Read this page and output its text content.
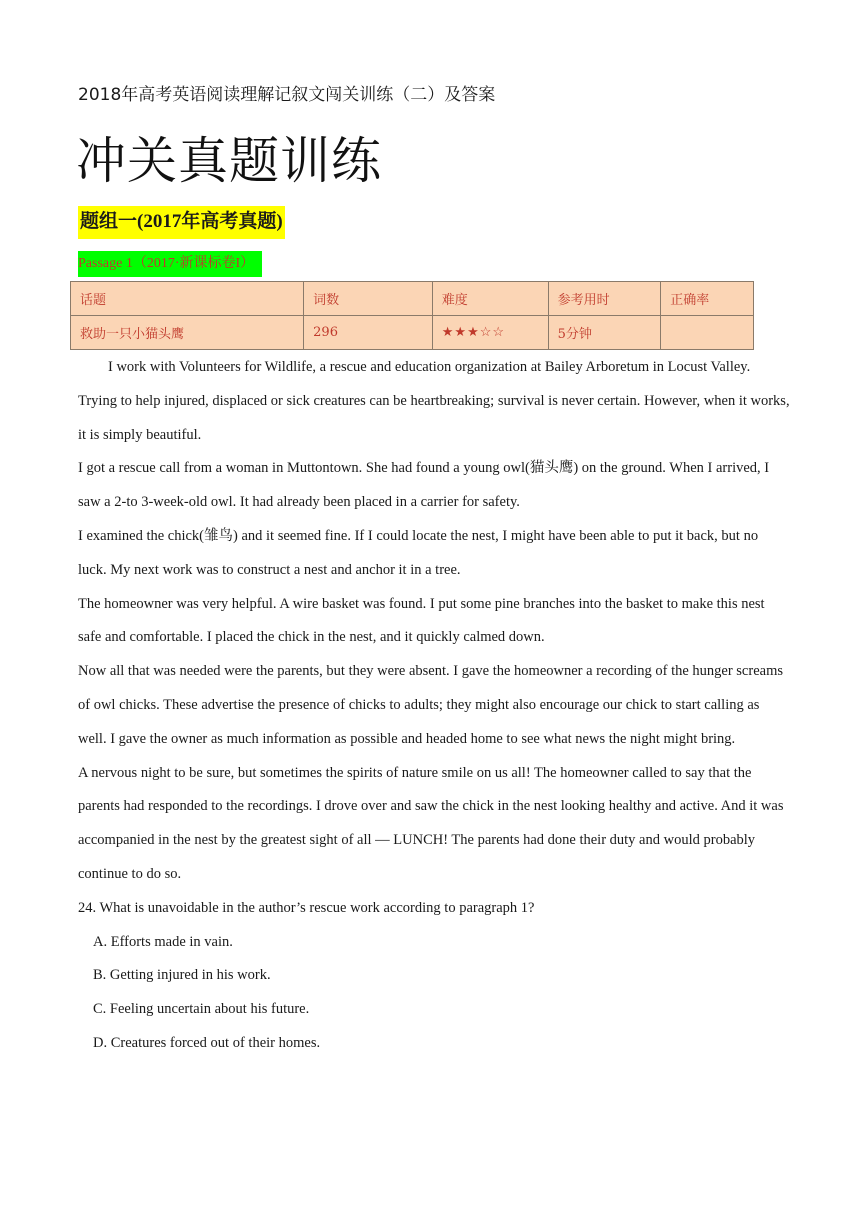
2018年高考英语阅读理解记叙文闯关训练（二）及答案
冲关真题训练
题组一(2017年高考真题)
Passage 1（2017·新课标卷I）
话题	词数	难度	参考用时	正确率
救助一只小猫头鹰	296	★★★☆☆	5分钟	

I work with Volunteers for Wildlife, a rescue and education organization at Bailey Arboretum in Locust Valley. Trying to help injured, displaced or sick creatures can be heartbreaking; survival is never certain. However, when it works, it is simply beautiful.

I got a rescue call from a woman in Muttontown. She had found a young owl(猫头鹰) on the ground. When I arrived, I saw a 2-to 3-week-old owl. It had already been placed in a carrier for safety.

I examined the chick(雏鸟) and it seemed fine. If I could locate the nest, I might have been able to put it back, but no luck. My next work was to construct a nest and anchor it in a tree.

The homeowner was very helpful. A wire basket was found. I put some pine branches into the basket to make this nest safe and comfortable. I placed the chick in the nest, and it quickly calmed down.

Now all that was needed were the parents, but they were absent. I gave the homeowner a recording of the hunger screams of owl chicks. These advertise the presence of chicks to adults; they might also encourage our chick to start calling as well. I gave the owner as much information as possible and headed home to see what news the night might bring.

A nervous night to be sure, but sometimes the spirits of nature smile on us all! The homeowner called to say that the parents had responded to the recordings. I drove over and saw the chick in the nest looking healthy and active. And it was accompanied in the nest by the greatest sight of all — LUNCH! The parents had done their duty and would probably continue to do so.

24. What is unavoidable in the author’s rescue work according to paragraph 1?

A. Efforts made in vain.

B. Getting injured in his work.

C. Feeling uncertain about his future.

D. Creatures forced out of their homes.
